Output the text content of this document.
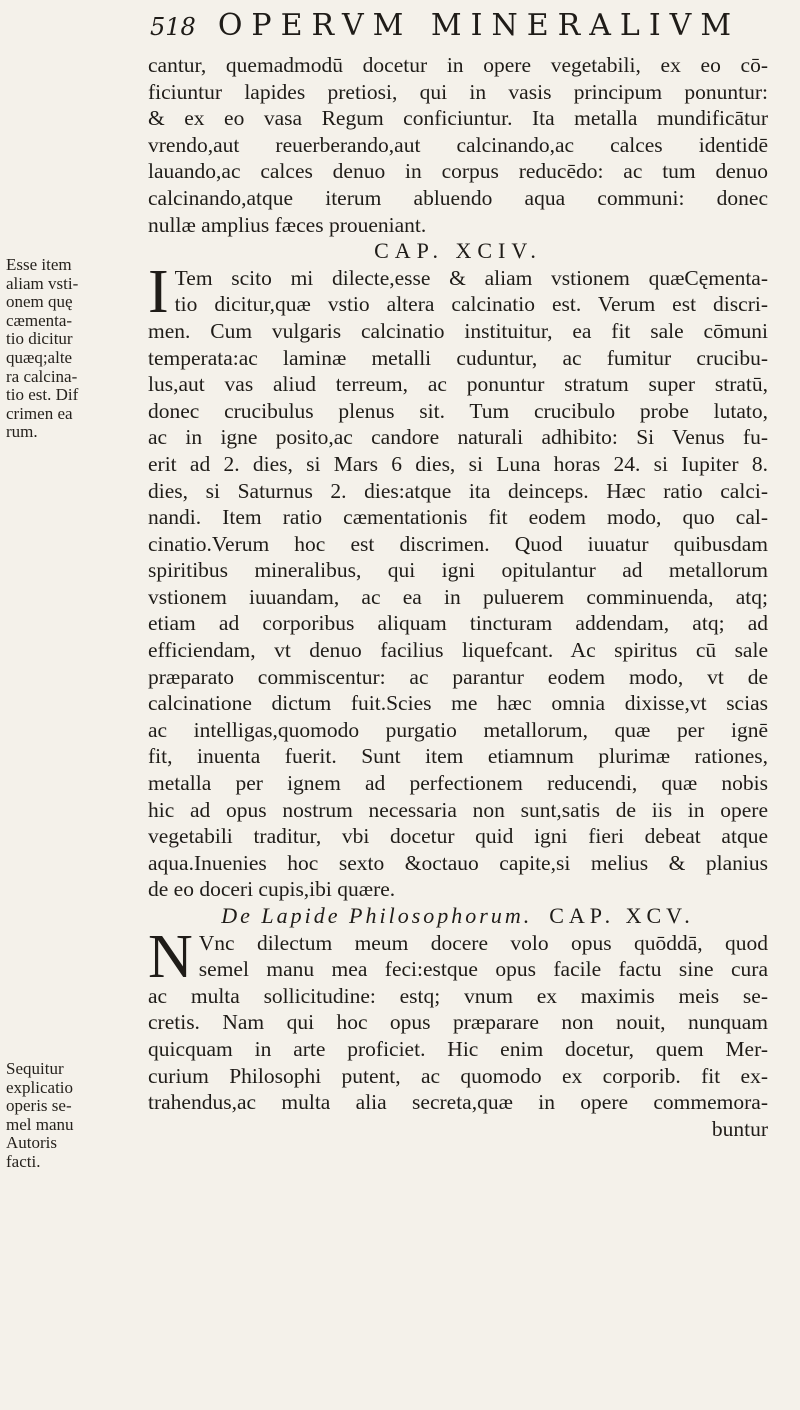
518 OPERVM MINERALIVM
Esse item
aliam vsti-
onem quę
cæmenta-
tio dicitur
quæq;alte
ra calcina-
tio est. Dif
crimen ea
rum.
Sequitur
explicatio
operis se-
mel manu
Autoris
facti.
cantur, quemadmodū docetur in opere vegetabili, ex eo cō-
ficiuntur lapides pretiosi, qui in vasis principum ponuntur:
& ex eo vasa Regum conficiuntur. Ita metalla mundificātur
vrendo,aut reuerberando,aut calcinando,ac calces identidē
lauando,ac calces denuo in corpus reducēdo: ac tum denuo
calcinando,atque iterum abluendo aqua communi: donec
nullæ amplius fæces proueniant.
CAP. XCIV.
I Tem scito mi dilecte,esse & aliam vstionem quæCęmenta-
tio dicitur,quæ vstio altera calcinatio est. Verum est discri-
men. Cum vulgaris calcinatio instituitur, ea fit sale cōmuni
temperata:ac laminæ metalli cuduntur, ac fumitur crucibu-
lus,aut vas aliud terreum, ac ponuntur stratum super stratū,
donec crucibulus plenus sit. Tum crucibulo probe lutato,
ac in igne posito,ac candore naturali adhibito: Si Venus fu-
erit ad 2. dies, si Mars 6 dies, si Luna horas 24. si Iupiter 8.
dies, si Saturnus 2. dies:atque ita deinceps. Hæc ratio calci-
nandi. Item ratio cæmentationis fit eodem modo, quo cal-
cinatio.Verum hoc est discrimen. Quod iuuatur quibusdam
spiritibus mineralibus, qui igni opitulantur ad metallorum
vstionem iuuandam, ac ea in puluerem comminuenda, atq;
etiam ad corporibus aliquam tincturam addendam, atq; ad
efficiendam, vt denuo facilius liquefcant. Ac spiritus cū sale
præparato commiscentur: ac parantur eodem modo, vt de
calcinatione dictum fuit.Scies me hæc omnia dixisse,vt scias
ac intelligas,quomodo purgatio metallorum, quæ per ignē
fit, inuenta fuerit. Sunt item etiamnum plurimæ rationes,
metalla per ignem ad perfectionem reducendi, quæ nobis
hic ad opus nostrum necessaria non sunt,satis de iis in opere
vegetabili traditur, vbi docetur quid igni fieri debeat atque
aqua.Inuenies hoc sexto &octauo capite,si melius & planius
de eo doceri cupis,ibi quære.
De Lapide Philosophorum. CAP. XCV.
N Vnc dilectum meum docere volo opus quōddā, quod
semel manu mea feci:estque opus facile factu sine cura
ac multa sollicitudine: estq; vnum ex maximis meis se-
cretis. Nam qui hoc opus præparare non nouit, nunquam
quicquam in arte proficiet. Hic enim docetur, quem Mer-
curium Philosophi putent, ac quomodo ex corporib. fit ex-
trahendus,ac multa alia secreta,quæ in opere commemora-
buntur
